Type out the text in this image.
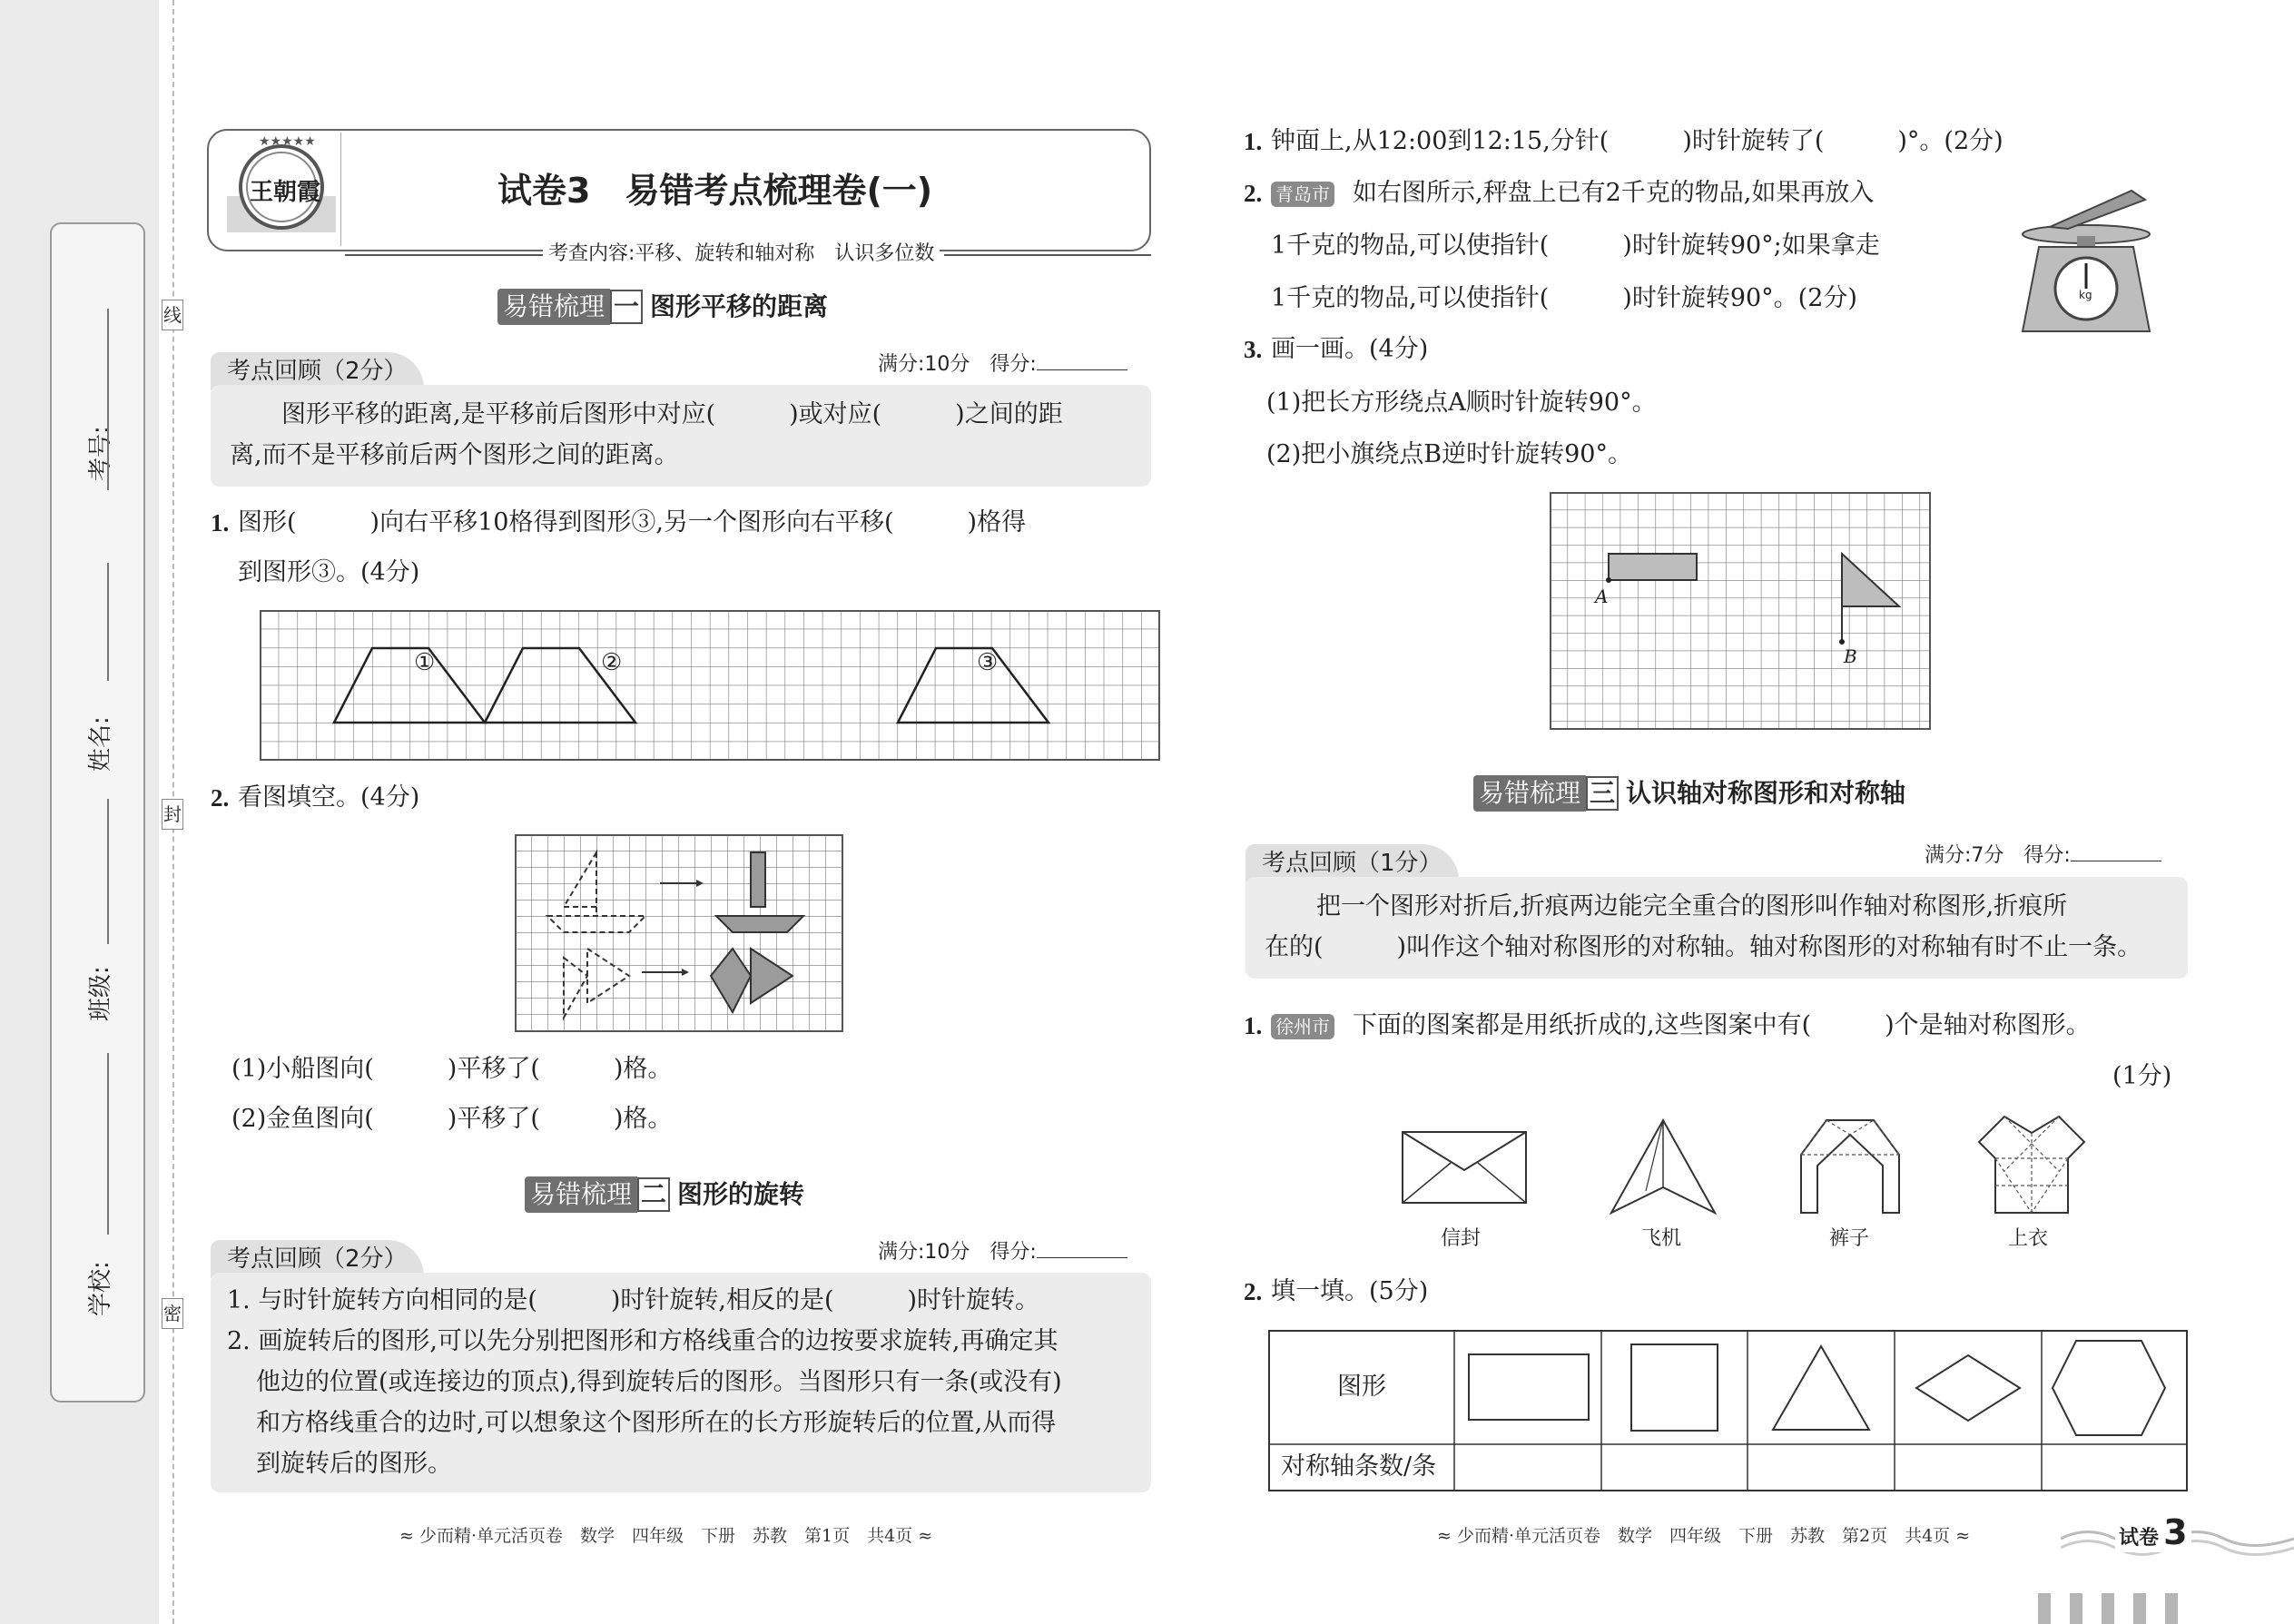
考号:
姓名:
班级:
学校:
线
封
密
★★★★★
王朝霞	试卷3　易错考点梳理卷(一)
考查内容:平移、旋转和轴对称　认识多位数
易错梳理 一 图形平移的距离
考点回顾（2分）	满分:10分　得分:
图形平移的距离,是平移前后图形中对应(　　　)或对应(　　　)之间的距
离,而不是平移前后两个图形之间的距离。
1. 图形(　　　)向右平移10格得到图形③,另一个图形向右平移(　　　)格得
到图形③。(4分)
①	②	③
2. 看图填空。(4分)
(1)小船图向(　　　)平移了(　　　)格。
(2)金鱼图向(　　　)平移了(　　　)格。
易错梳理 二 图形的旋转
考点回顾（2分）	满分:10分　得分:
1. 与时针旋转方向相同的是(　　　)时针旋转,相反的是(　　　)时针旋转。
2. 画旋转后的图形,可以先分别把图形和方格线重合的边按要求旋转,再确定其
他边的位置(或连接边的顶点),得到旋转后的图形。当图形只有一条(或没有)
和方格线重合的边时,可以想象这个图形所在的长方形旋转后的位置,从而得
到旋转后的图形。
≈ 少而精·单元活页卷　数学　四年级　下册　苏教　第1页　共4页 ≈
1. 钟面上,从12:00到12:15,分针(　　　)时针旋转了(　　　)°。(2分)
2. 青岛市 如右图所示,秤盘上已有2千克的物品,如果再放入
1千克的物品,可以使指针(　　　)时针旋转90°;如果拿走
1千克的物品,可以使指针(　　　)时针旋转90°。(2分)	kg
3. 画一画。(4分)
(1)把长方形绕点A顺时针旋转90°。
(2)把小旗绕点B逆时针旋转90°。
A
B
易错梳理 三 认识轴对称图形和对称轴
考点回顾（1分）	满分:7分　得分:
把一个图形对折后,折痕两边能完全重合的图形叫作轴对称图形,折痕所
在的(　　　)叫作这个轴对称图形的对称轴。轴对称图形的对称轴有时不止一条。
1. 徐州市 下面的图案都是用纸折成的,这些图案中有(　　　)个是轴对称图形。
(1分)
信封	飞机	裤子	上衣
2. 填一填。(5分)
图形
对称轴条数/条
≈ 少而精·单元活页卷　数学　四年级　下册　苏教　第2页　共4页 ≈	试卷 3
